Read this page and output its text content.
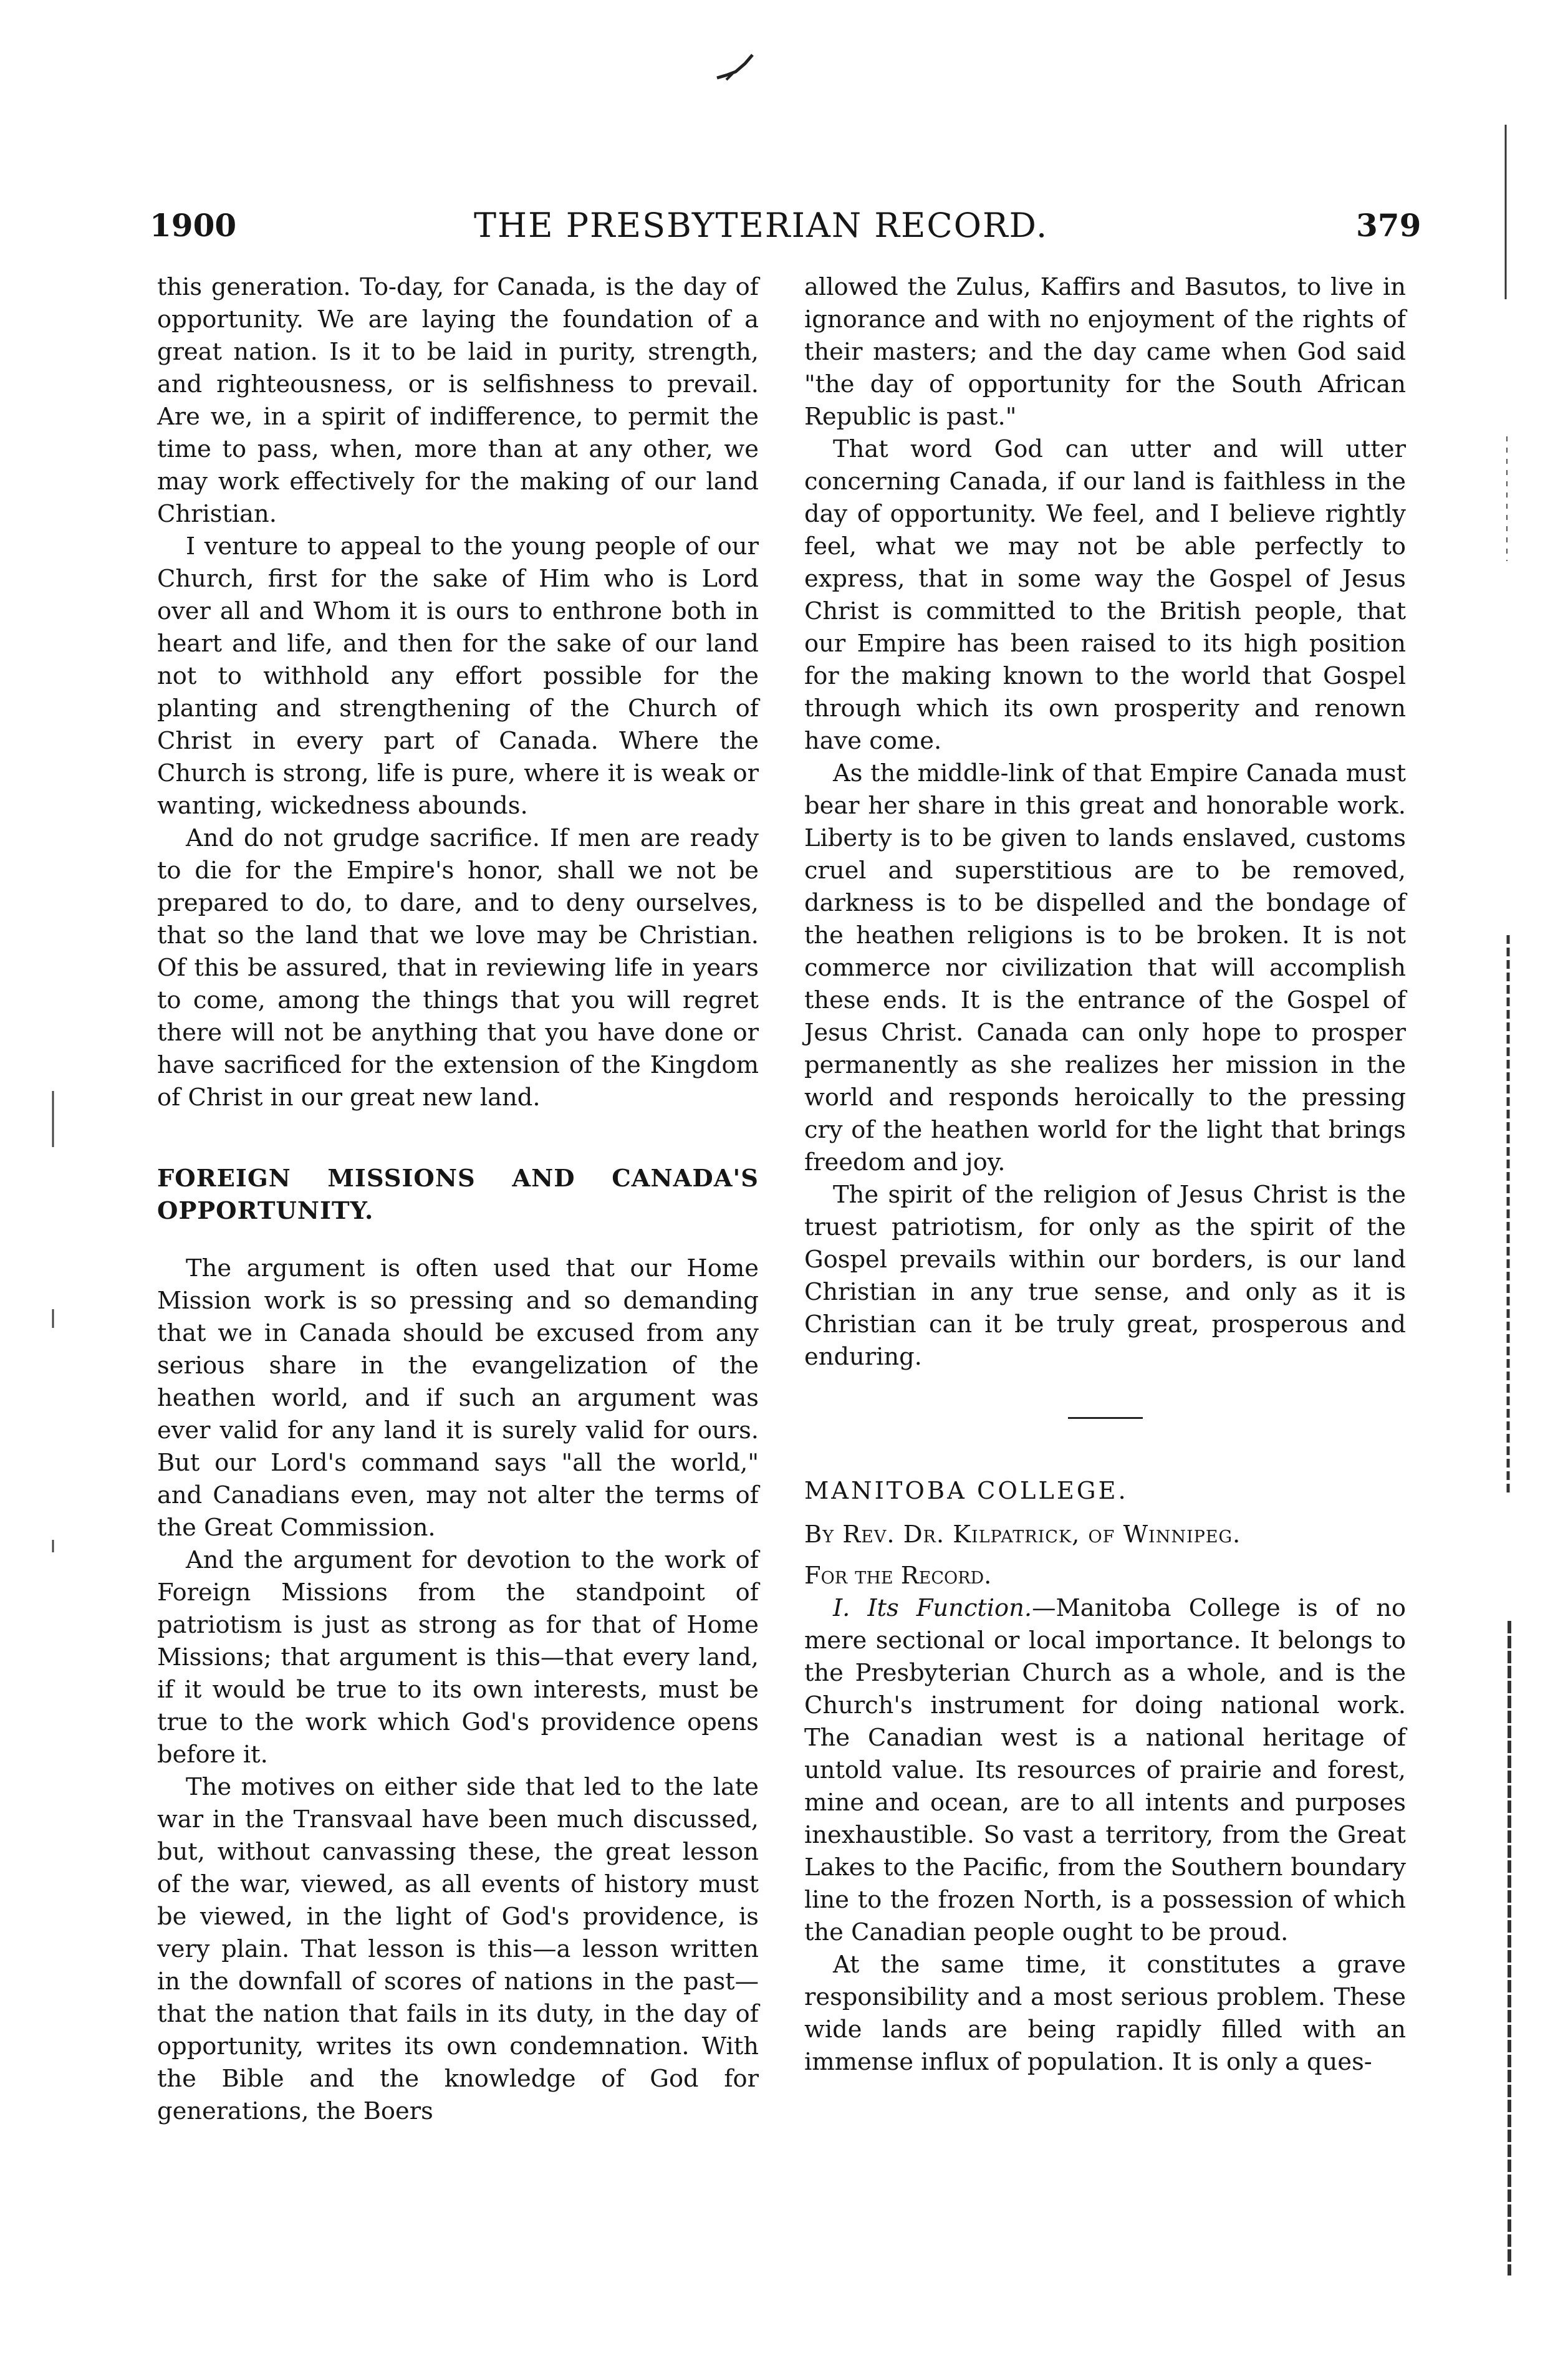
1900	THE PRESBYTERIAN RECORD.	379

this generation. To-day, for Canada, is the day of opportunity. We are laying the foundation of a great nation. Is it to be laid in purity, strength, and righteousness, or is selfishness to prevail. Are we, in a spirit of indifference, to permit the time to pass, when, more than at any other, we may work effectively for the making of our land Christian.

I venture to appeal to the young people of our Church, first for the sake of Him who is Lord over all and Whom it is ours to enthrone both in heart and life, and then for the sake of our land not to withhold any effort possible for the planting and strengthening of the Church of Christ in every part of Canada. Where the Church is strong, life is pure, where it is weak or wanting, wickedness abounds.

And do not grudge sacrifice. If men are ready to die for the Empire's honor, shall we not be prepared to do, to dare, and to deny ourselves, that so the land that we love may be Christian. Of this be assured, that in reviewing life in years to come, among the things that you will regret there will not be anything that you have done or have sacrificed for the extension of the Kingdom of Christ in our great new land.

FOREIGN MISSIONS AND CANADA'S OPPORTUNITY.

The argument is often used that our Home Mission work is so pressing and so demanding that we in Canada should be excused from any serious share in the evangelization of the heathen world, and if such an argument was ever valid for any land it is surely valid for ours. But our Lord's command says "all the world," and Canadians even, may not alter the terms of the Great Commission.

And the argument for devotion to the work of Foreign Missions from the standpoint of patriotism is just as strong as for that of Home Missions; that argument is this—that every land, if it would be true to its own interests, must be true to the work which God's providence opens before it.

The motives on either side that led to the late war in the Transvaal have been much discussed, but, without canvassing these, the great lesson of the war, viewed, as all events of history must be viewed, in the light of God's providence, is very plain. That lesson is this—a lesson written in the downfall of scores of nations in the past—that the nation that fails in its duty, in the day of opportunity, writes its own condemnation. With the Bible and the knowledge of God for generations, the Boers

allowed the Zulus, Kaffirs and Basutos, to live in ignorance and with no enjoyment of the rights of their masters; and the day came when God said "the day of opportunity for the South African Republic is past."

That word God can utter and will utter concerning Canada, if our land is faithless in the day of opportunity. We feel, and I believe rightly feel, what we may not be able perfectly to express, that in some way the Gospel of Jesus Christ is committed to the British people, that our Empire has been raised to its high position for the making known to the world that Gospel through which its own prosperity and renown have come.

As the middle-link of that Empire Canada must bear her share in this great and honorable work. Liberty is to be given to lands enslaved, customs cruel and superstitious are to be removed, darkness is to be dispelled and the bondage of the heathen religions is to be broken. It is not commerce nor civilization that will accomplish these ends. It is the entrance of the Gospel of Jesus Christ. Canada can only hope to prosper permanently as she realizes her mission in the world and responds heroically to the pressing cry of the heathen world for the light that brings freedom and joy.

The spirit of the religion of Jesus Christ is the truest patriotism, for only as the spirit of the Gospel prevails within our borders, is our land Christian in any true sense, and only as it is Christian can it be truly great, prosperous and enduring.

MANITOBA COLLEGE.

By Rev. Dr. Kilpatrick, of Winnipeg.

For the Record.

I. Its Function.—Manitoba College is of no mere sectional or local importance. It belongs to the Presbyterian Church as a whole, and is the Church's instrument for doing national work. The Canadian west is a national heritage of untold value. Its resources of prairie and forest, mine and ocean, are to all intents and purposes inexhaustible. So vast a territory, from the Great Lakes to the Pacific, from the Southern boundary line to the frozen North, is a possession of which the Canadian people ought to be proud.

At the same time, it constitutes a grave responsibility and a most serious problem. These wide lands are being rapidly filled with an immense influx of population. It is only a ques-
